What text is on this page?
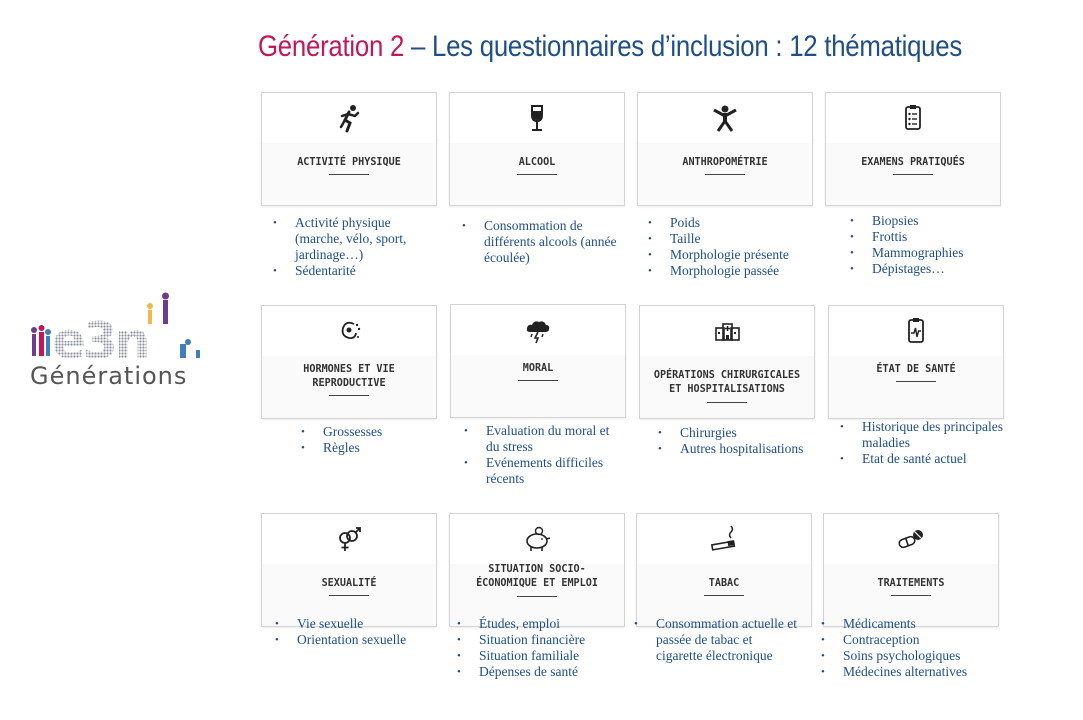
Génération 2 – Les questionnaires d’inclusion : 12 thématiques
e3n
Générations
ACTIVITÉ PHYSIQUE
• Activité physique (marche, vélo, sport, jardinage…)
• Sédentarité
ALCOOL
• Consommation de différents alcools (année écoulée)
ANTHROPOMÉTRIE
• Poids
• Taille
• Morphologie présente
• Morphologie passée
EXAMENS PRATIQUÉS
• Biopsies
• Frottis
• Mammographies
• Dépistages…
HORMONES ET VIE REPRODUCTIVE
• Grossesses
• Règles
MORAL
• Evaluation du moral et du stress
• Evénements difficiles récents
OPÉRATIONS CHIRURGICALES ET HOSPITALISATIONS
• Chirurgies
• Autres hospitalisations
ÉTAT DE SANTÉ
• Historique des principales maladies
• Etat de santé actuel
SEXUALITÉ
• Vie sexuelle
• Orientation sexuelle
SITUATION SOCIO-ÉCONOMIQUE ET EMPLOI
• Études, emploi
• Situation financière
• Situation familiale
• Dépenses de santé
TABAC
• Consommation actuelle et passée de tabac et cigarette électronique
TRAITEMENTS
• Médicaments
• Contraception
• Soins psychologiques
• Médecines alternatives
